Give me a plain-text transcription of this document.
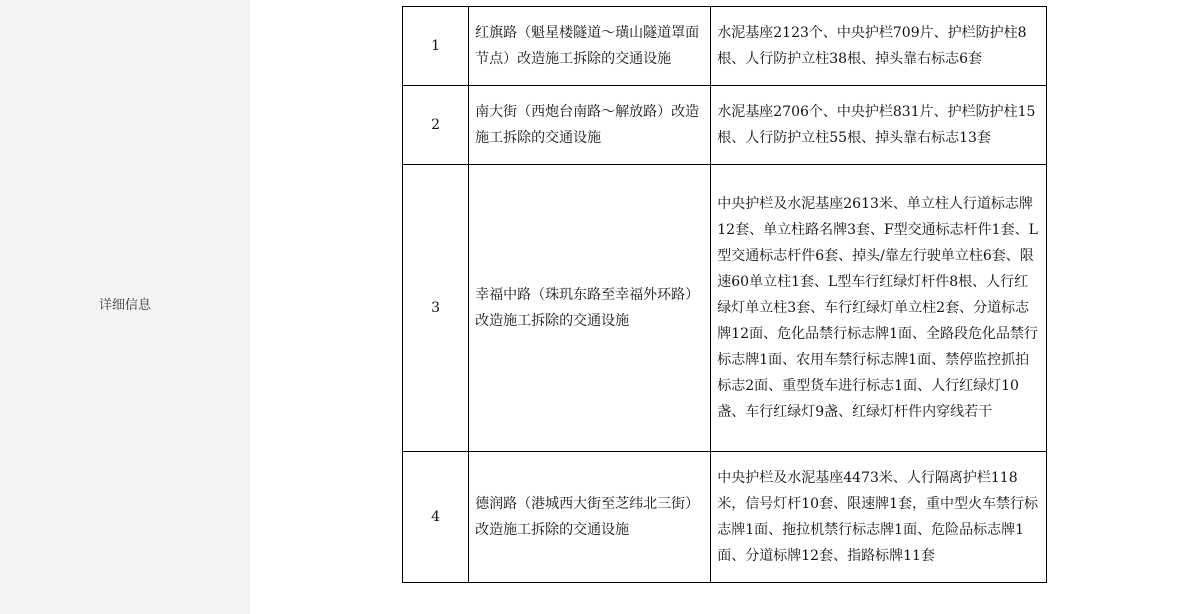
详细信息
1	红旗路（魁星楼隧道～璜山隧道罩面节点）改造施工拆除的交通设施	水泥基座2123个、中央护栏709片、护栏防护柱8根、人行防护立柱38根、掉头靠右标志6套
2	南大街（西炮台南路～解放路）改造施工拆除的交通设施	水泥基座2706个、中央护栏831片、护栏防护柱15根、人行防护立柱55根、掉头靠右标志13套
3	幸福中路（珠玑东路至幸福外环路）改造施工拆除的交通设施	中央护栏及水泥基座2613米、单立柱人行道标志牌12套、单立柱路名牌3套、F型交通标志杆件1套、L型交通标志杆件6套、掉头/靠左行驶单立柱6套、限速60单立柱1套、L型车行红绿灯杆件8根、人行红绿灯单立柱3套、车行红绿灯单立柱2套、分道标志牌12面、危化品禁行标志牌1面、全路段危化品禁行标志牌1面、农用车禁行标志牌1面、禁停监控抓拍标志2面、重型货车进行标志1面、人行红绿灯10盏、车行红绿灯9盏、红绿灯杆件内穿线若干
4	德润路（港城西大街至芝纬北三街）改造施工拆除的交通设施	中央护栏及水泥基座4473米、人行隔离护栏118米，信号灯杆10套、限速牌1套，重中型火车禁行标志牌1面、拖拉机禁行标志牌1面、危险品标志牌1面、分道标牌12套、指路标牌11套
